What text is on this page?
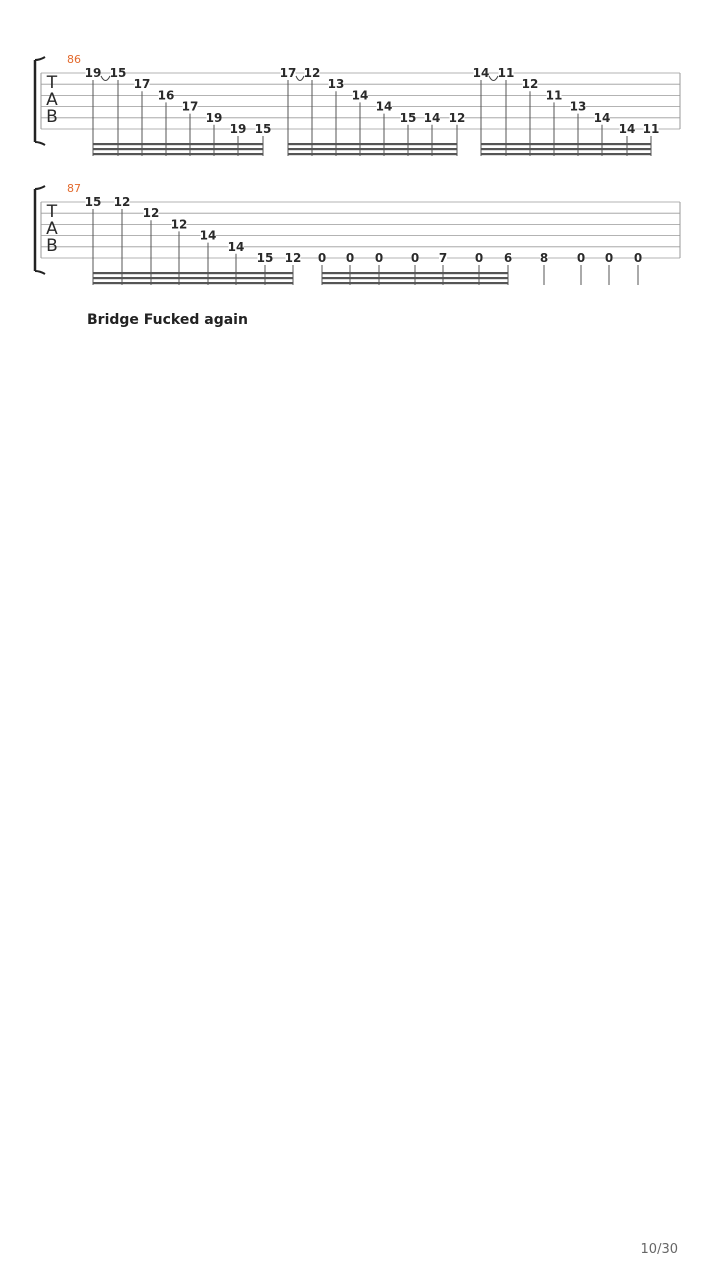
Bridge Fucked again
T
A
B
86
19 15
17
16
17
19
19 15
17 12
13
14
14
15 14 12
14 11
12
11
13
14
14 11
T
A
B
87
15 12
12
12
14
14
15 12 0 0 0 0 7 0 6 8 0 0 0
10/30
